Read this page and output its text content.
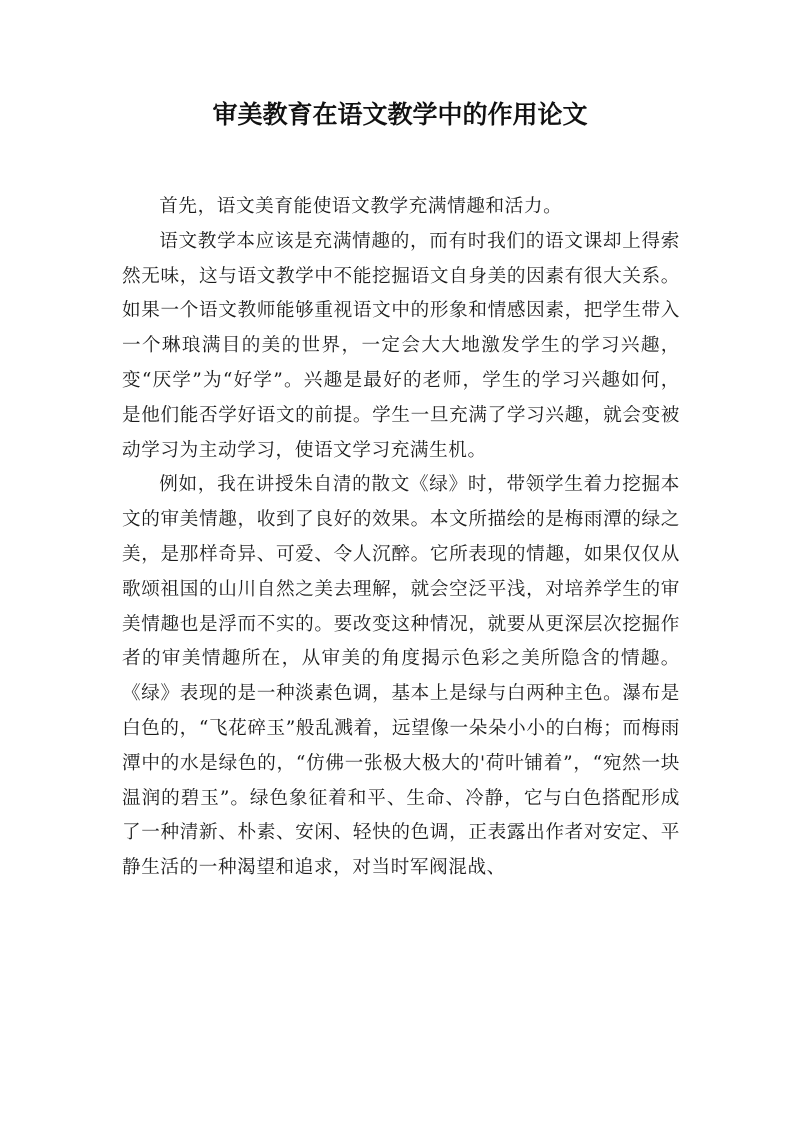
审美教育在语文教学中的作用论文

首先，语文美育能使语文教学充满情趣和活力。

语文教学本应该是充满情趣的，而有时我们的语文课却上得索然无味，这与语文教学中不能挖掘语文自身美的因素有很大关系。如果一个语文教师能够重视语文中的形象和情感因素，把学生带入一个琳琅满目的美的世界，一定会大大地激发学生的学习兴趣，变“厌学”为“好学”。兴趣是最好的老师，学生的学习兴趣如何，是他们能否学好语文的前提。学生一旦充满了学习兴趣，就会变被动学习为主动学习，使语文学习充满生机。

例如，我在讲授朱自清的散文《绿》时，带领学生着力挖掘本文的审美情趣，收到了良好的效果。本文所描绘的是梅雨潭的绿之美，是那样奇异、可爱、令人沉醉。它所表现的情趣，如果仅仅从歌颂祖国的山川自然之美去理解，就会空泛平浅，对培养学生的审美情趣也是浮而不实的。要改变这种情况，就要从更深层次挖掘作者的审美情趣所在，从审美的角度揭示色彩之美所隐含的情趣。《绿》表现的是一种淡素色调，基本上是绿与白两种主色。瀑布是白色的，“飞花碎玉”般乱溅着，远望像一朵朵小小的白梅；而梅雨潭中的水是绿色的，“仿佛一张极大极大的'荷叶铺着”，“宛然一块温润的碧玉”。绿色象征着和平、生命、冷静，它与白色搭配形成了一种清新、朴素、安闲、轻快的色调，正表露出作者对安定、平静生活的一种渴望和追求，对当时军阀混战、
